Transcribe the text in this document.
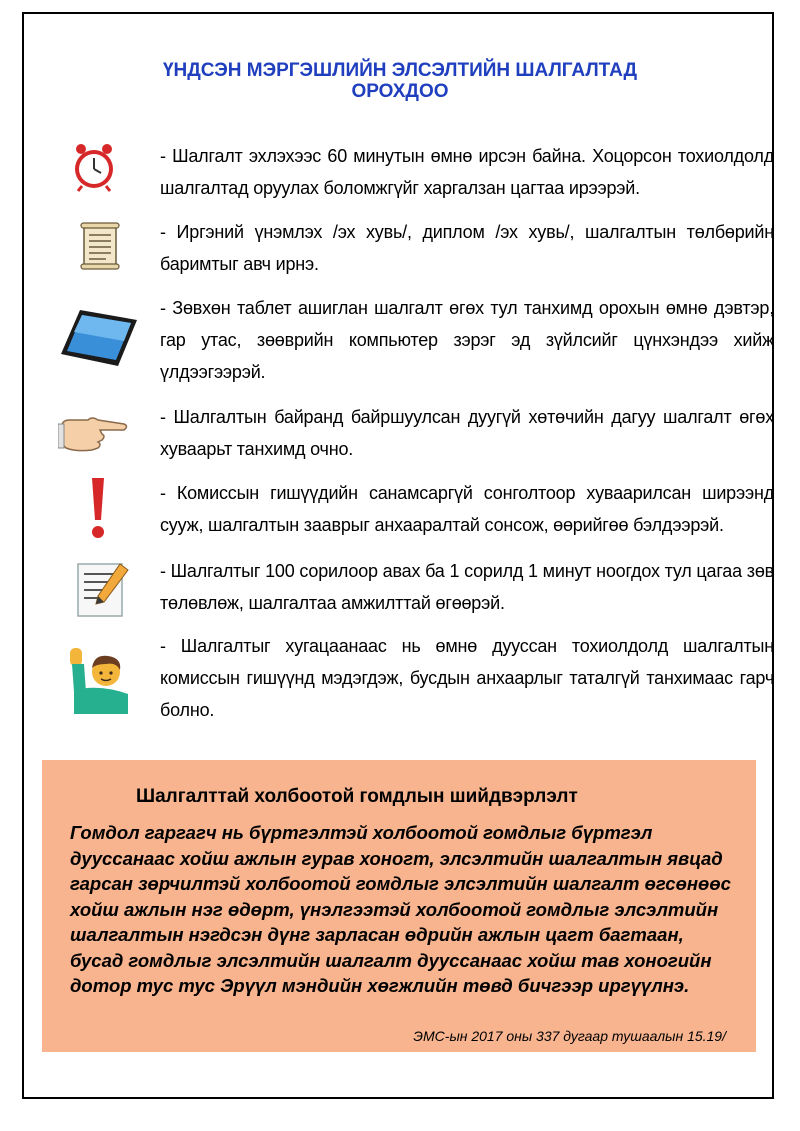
ҮНДСЭН МЭРГЭШЛИЙН ЭЛСЭЛТИЙН ШАЛГАЛТАД
ОРОХДОО
- Шалгалт эхлэхээс 60 минутын өмнө ирсэн байна. Хоцорсон тохиолдолд шалгалтад оруулах боломжгүйг харгалзан цагтаа ирээрэй.
- Иргэний үнэмлэх /эх хувь/, диплом /эх хувь/, шалгалтын төлбөрийн баримтыг авч ирнэ.
- Зөвхөн таблет ашиглан шалгалт өгөх тул танхимд орохын өмнө дэвтэр, гар утас, зөөврийн компьютер зэрэг эд зүйлсийг цүнхэндээ хийж үлдээгээрэй.
- Шалгалтын байранд байршуулсан дуугүй хөтөчийн дагуу шалгалт өгөх хуваарьт танхимд очно.
- Комиссын гишүүдийн санамсаргүй сонголтоор хуваарилсан ширээнд сууж, шалгалтын зааврыг анхааралтай сонсож, өөрийгөө бэлдээрэй.
- Шалгалтыг 100 сорилоор авах ба 1 сорилд 1 минут ноогдох тул цагаа зөв төлөвлөж, шалгалтаа амжилттай өгөөрэй.
- Шалгалтыг хугацаанаас нь өмнө дуусcан тохиолдолд шалгалтын комиссын гишүүнд мэдэгдэж, бусдын анхаарлыг таталгүй танхимаас гарч болно.
Шалгалттай холбоотой гомдлын шийдвэрлэлт
Гомдол гаргагч нь бүртгэлтэй холбоотой гомдлыг бүртгэл дууссанаас хойш ажлын гурав хоногт, элсэлтийн шалгалтын явцад гарсан зөрчилтэй холбоотой гомдлыг элсэлтийн шалгалт өгсөнөөс хойш ажлын нэг өдөрт, үнэлгээтэй холбоотой гомдлыг элсэлтийн шалгалтын нэгдсэн дүнг зарласан өдрийн ажлын цагт багтаан, бусад гомдлыг элсэлтийн шалгалт дууссанаас хойш тав хоногийн дотор тус тус Эрүүл мэндийн хөгжлийн төвд бичгээр иргүүлнэ.
ЭМС-ын 2017 оны 337 дугаар тушаалын 15.19/
